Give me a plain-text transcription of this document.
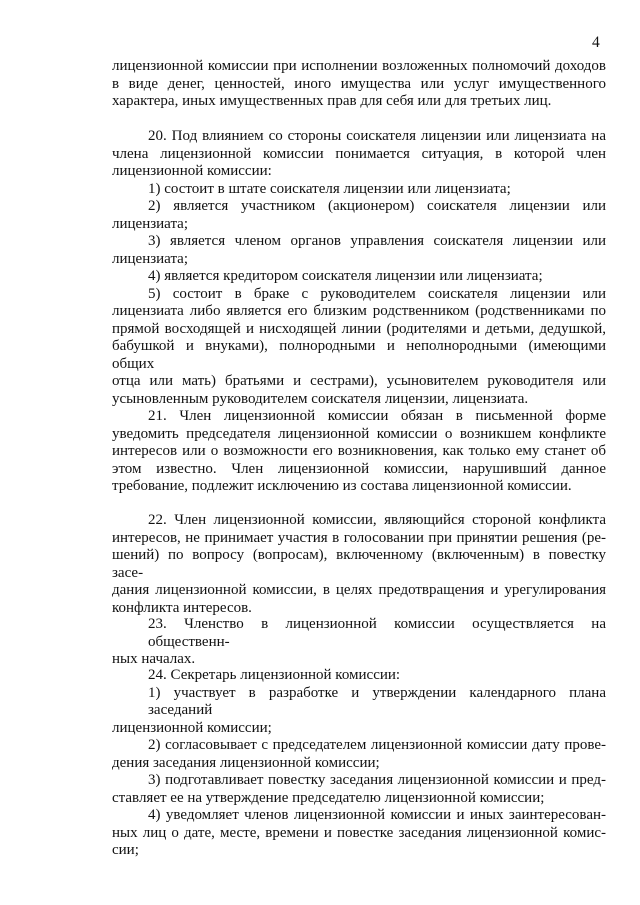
4
лицензионной комиссии при исполнении возложенных полномочий доходов
в виде денег, ценностей, иного имущества или услуг имущественного
характера, иных имущественных прав для себя или для третьих лиц.
20. Под влиянием со стороны соискателя лицензии или лицензиата на
члена лицензионной комиссии понимается ситуация, в которой член
лицензионной комиссии:
1) состоит в штате соискателя лицензии или лицензиата;
2) является участником (акционером) соискателя лицензии или
лицензиата;
3) является членом органов управления соискателя лицензии или
лицензиата;
4) является кредитором соискателя лицензии или лицензиата;
5) состоит в браке с руководителем соискателя лицензии или
лицензиата либо является его близким родственником (родственниками по
прямой восходящей и нисходящей линии (родителями и детьми, дедушкой,
бабушкой и внуками), полнородными и неполнородными (имеющими общих
отца или мать) братьями и сестрами), усыновителем руководителя или
усыновленным руководителем соискателя лицензии, лицензиата.
21. Член лицензионной комиссии обязан в письменной форме
уведомить председателя лицензионной комиссии о возникшем конфликте
интересов или о возможности его возникновения, как только ему станет об
этом известно. Член лицензионной комиссии, нарушивший данное
требование, подлежит исключению из состава лицензионной комиссии.
22. Член лицензионной комиссии, являющийся стороной конфликта
интересов, не принимает участия в голосовании при принятии решения (ре-
шений) по вопросу (вопросам), включенному (включенным) в повестку засе-
дания лицензионной комиссии, в целях предотвращения и урегулирования
конфликта интересов.
23. Членство в лицензионной комиссии осуществляется на общественн-
ных началах.
24. Секретарь лицензионной комиссии:
1) участвует в разработке и утверждении календарного плана заседаний
лицензионной комиссии;
2) согласовывает с председателем лицензионной комиссии дату прове-
дения заседания лицензионной комиссии;
3) подготавливает повестку заседания лицензионной комиссии и пред-
ставляет ее на утверждение председателю лицензионной комиссии;
4) уведомляет членов лицензионной комиссии и иных заинтересован-
ных лиц о дате, месте, времени и повестке заседания лицензионной комис-
сии;
